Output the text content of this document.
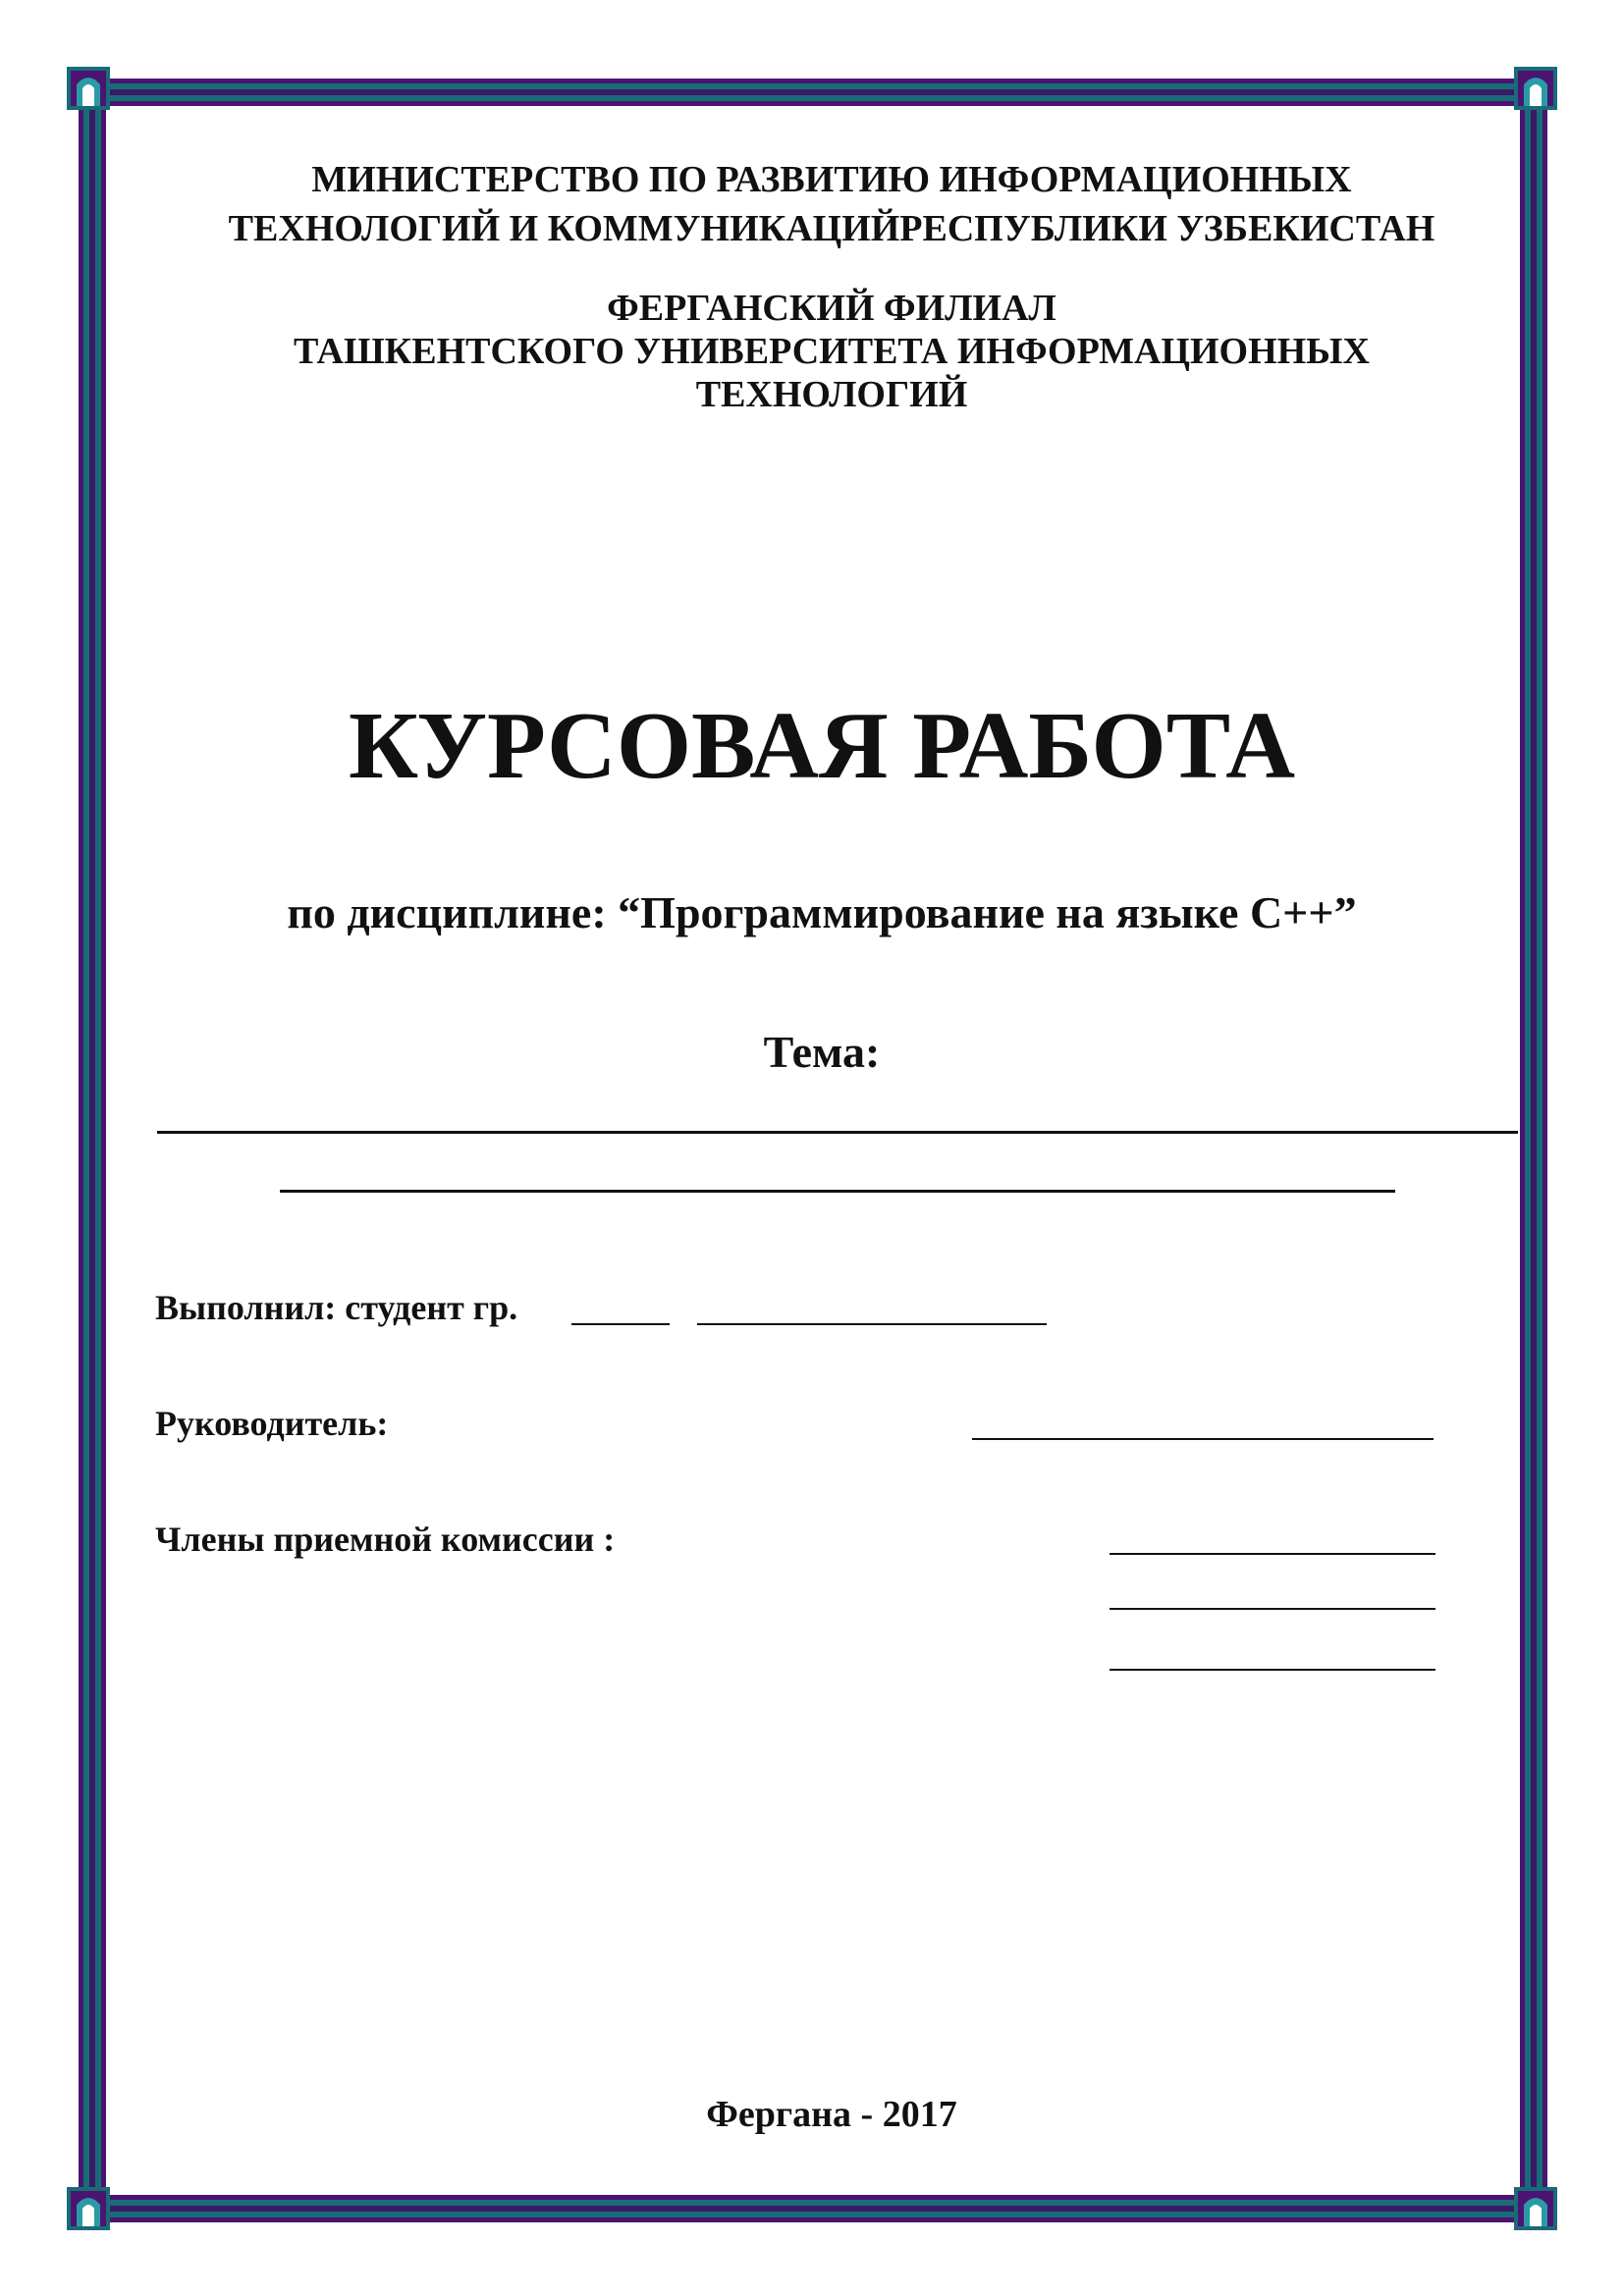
МИНИСТЕРСТВО ПО РАЗВИТИЮ ИНФОРМАЦИОННЫХ
ТЕХНОЛОГИЙ И КОММУНИКАЦИЙРЕСПУБЛИКИ УЗБЕКИСТАН
ФЕРГАНСКИЙ ФИЛИАЛ
ТАШКЕНТСКОГО УНИВЕРСИТЕТА ИНФОРМАЦИОННЫХ
ТЕХНОЛОГИЙ
КУРСОВАЯ РАБОТА
по дисциплине: “Программирование на языке С++”
Тема:
Выполнил: студент гр.
Руководитель:
Члены приемной комиссии :
Фергана - 2017
